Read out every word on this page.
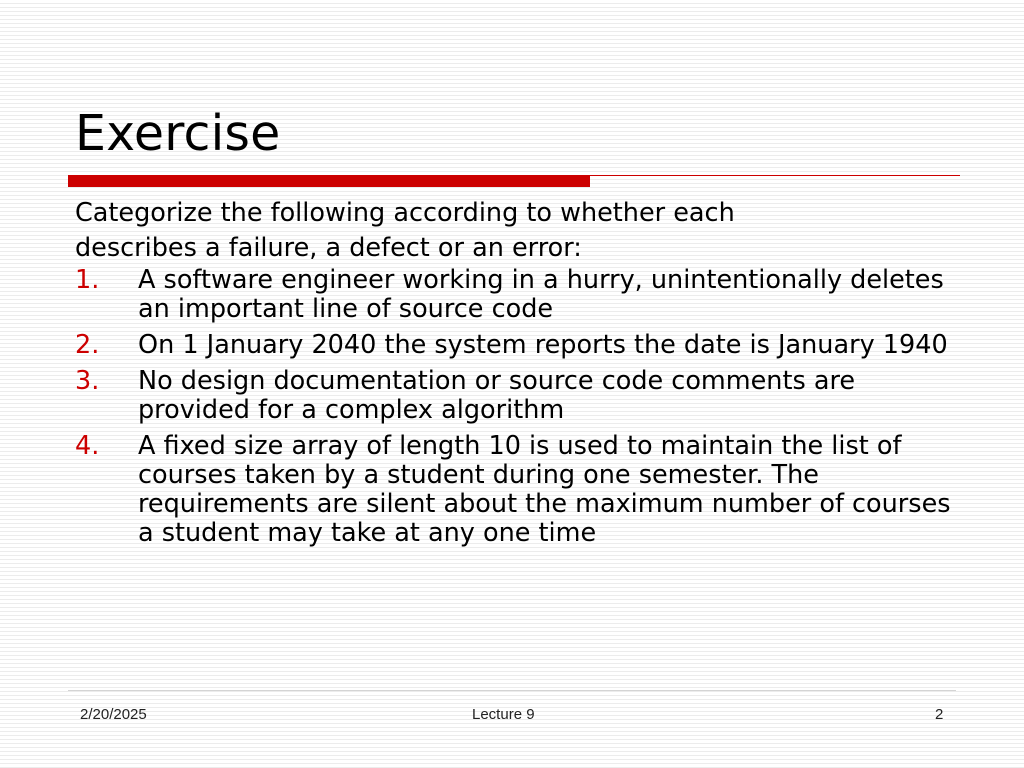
Exercise

Categorize the following according to whether each

describes a failure, a defect or an error:

1. A software engineer working in a hurry, unintentionally deletes an important line of source code
2. On 1 January 2040 the system reports the date is January 1940
3. No design documentation or source code comments are provided for a complex algorithm
4. A fixed size array of length 10 is used to maintain the list of courses taken by a student during one semester. The requirements are silent about the maximum number of courses a student may take at any one time
2/20/2025	Lecture 9	2
